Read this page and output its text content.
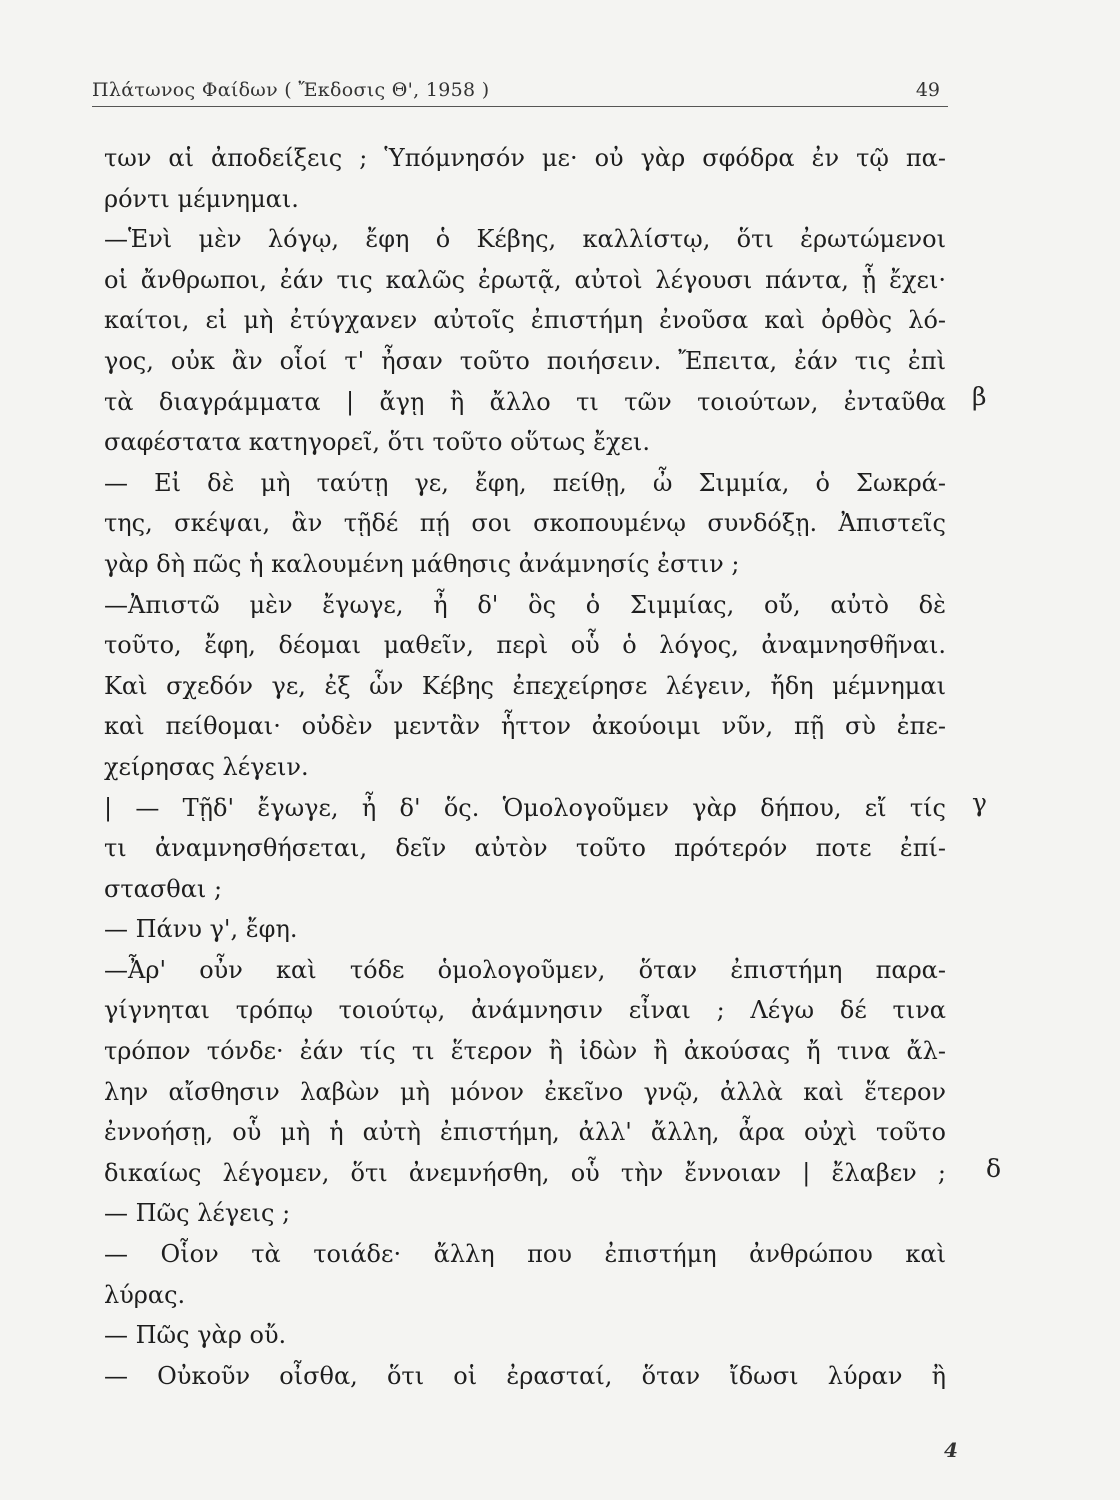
Πλάτωνος Φαίδων ( Ἔκδοσις Θ', 1958 )	49
των αἱ ἀποδείξεις ; Ὑπόμνησόν με· οὐ γὰρ σφόδρα ἐν τῷ πα-
ρόντι μέμνημαι.
—Ἑνὶ μὲν λόγῳ, ἔφη ὁ Κέβης, καλλίστῳ, ὅτι ἐρωτώμενοι
οἱ ἄνθρωποι, ἐάν τις καλῶς ἐρωτᾷ, αὐτοὶ λέγουσι πάντα, ᾗ ἔχει·
καίτοι, εἰ μὴ ἐτύγχανεν αὐτοῖς ἐπιστήμη ἐνοῦσα καὶ ὀρθὸς λό-
γος, οὐκ ἂν οἷοί τ' ἦσαν τοῦτο ποιήσειν. Ἔπειτα, ἐάν τις ἐπὶ
τὰ διαγράμματα | ἄγῃ ἢ ἄλλο τι τῶν τοιούτων, ἐνταῦθα
σαφέστατα κατηγορεῖ, ὅτι τοῦτο οὕτως ἔχει.
— Εἰ δὲ μὴ ταύτῃ γε, ἔφη, πείθῃ, ὦ Σιμμία, ὁ Σωκρά-
της, σκέψαι, ἂν τῇδέ πῄ σοι σκοπουμένῳ συνδόξῃ. Ἀπιστεῖς
γὰρ δὴ πῶς ἡ καλουμένη μάθησις ἀνάμνησίς ἐστιν ;
—Ἀπιστῶ μὲν ἔγωγε, ἦ δ' ὃς ὁ Σιμμίας, οὔ, αὐτὸ δὲ
τοῦτο, ἔφη, δέομαι μαθεῖν, περὶ οὗ ὁ λόγος, ἀναμνησθῆναι.
Καὶ σχεδόν γε, ἐξ ὧν Κέβης ἐπεχείρησε λέγειν, ἤδη μέμνημαι
καὶ πείθομαι· οὐδὲν μεντἂν ἧττον ἀκούοιμι νῦν, πῇ σὺ ἐπε-
χείρησας λέγειν.
| — Τῇδ' ἔγωγε, ἦ δ' ὅς. Ὁμολογοῦμεν γὰρ δήπου, εἴ τίς
τι ἀναμνησθήσεται, δεῖν αὐτὸν τοῦτο πρότερόν ποτε ἐπί-
στασθαι ;
— Πάνυ γ', ἔφη.
—Ἆρ' οὖν καὶ τόδε ὁμολογοῦμεν, ὅταν ἐπιστήμη παρα-
γίγνηται τρόπῳ τοιούτῳ, ἀνάμνησιν εἶναι ; Λέγω δέ τινα
τρόπον τόνδε· ἐάν τίς τι ἕτερον ἢ ἰδὼν ἢ ἀκούσας ἤ τινα ἄλ-
λην αἴσθησιν λαβὼν μὴ μόνον ἐκεῖνο γνῷ, ἀλλὰ καὶ ἕτερον
ἐννοήσῃ, οὗ μὴ ἡ αὐτὴ ἐπιστήμη, ἀλλ' ἄλλη, ἆρα οὐχὶ τοῦτο
δικαίως λέγομεν, ὅτι ἀνεμνήσθη, οὗ τὴν ἔννοιαν | ἔλαβεν ;
— Πῶς λέγεις ;
— Οἷον τὰ τοιάδε· ἄλλη που ἐπιστήμη ἀνθρώπου καὶ
λύρας.
— Πῶς γὰρ οὔ.
— Οὐκοῦν οἶσθα, ὅτι οἱ ἐρασταί, ὅταν ἴδωσι λύραν ἢ
β
γ
δ
4
